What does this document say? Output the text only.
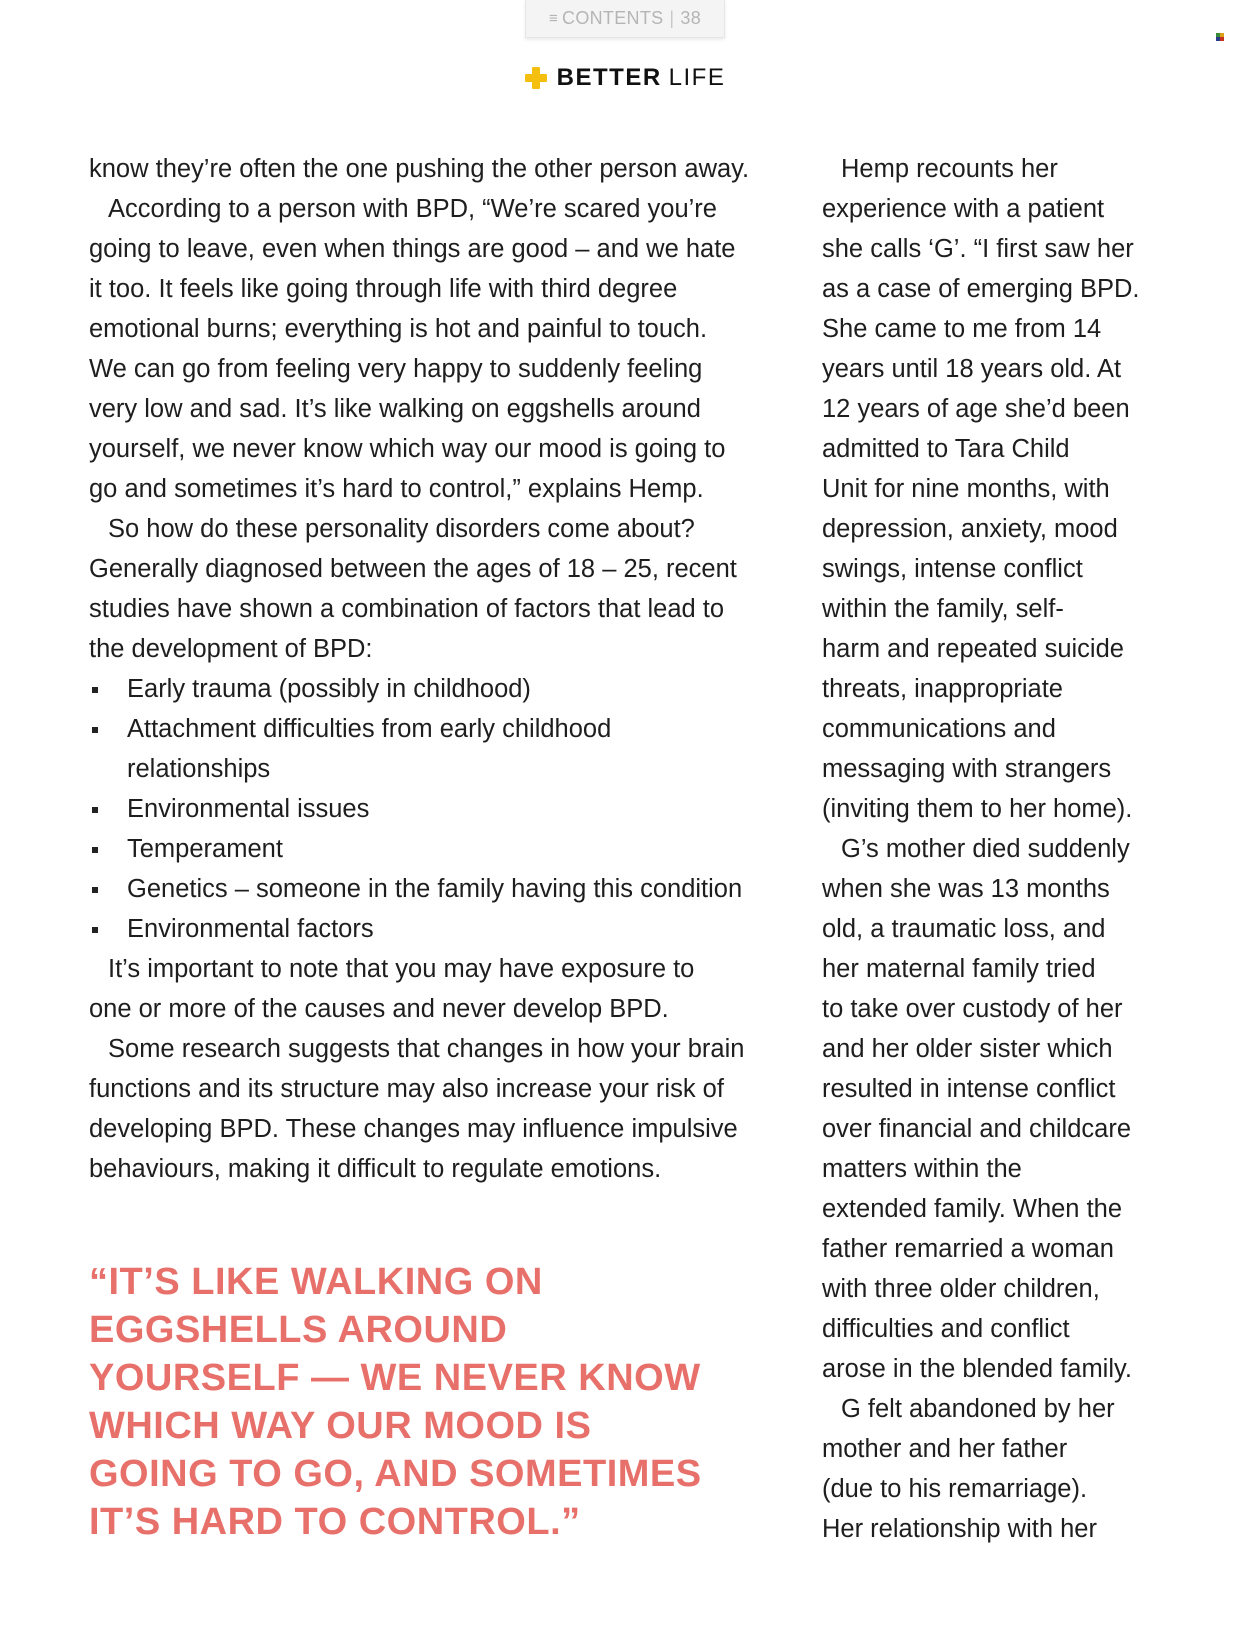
≡ CONTENTS | 38
BETTER LIFE
know they’re often the one pushing the other person away.
According to a person with BPD, “We’re scared you’re
going to leave, even when things are good – and we hate
it too. It feels like going through life with third degree
emotional burns; everything is hot and painful to touch.
We can go from feeling very happy to suddenly feeling
very low and sad. It’s like walking on eggshells around
yourself, we never know which way our mood is going to
go and sometimes it’s hard to control,” explains Hemp.
So how do these personality disorders come about?
Generally diagnosed between the ages of 18 – 25, recent
studies have shown a combination of factors that lead to
the development of BPD:
Early trauma (possibly in childhood)
Attachment difficulties from early childhood
relationships
Environmental issues
Temperament
Genetics – someone in the family having this condition
Environmental factors
It’s important to note that you may have exposure to
one or more of the causes and never develop BPD.
Some research suggests that changes in how your brain
functions and its structure may also increase your risk of
developing BPD. These changes may influence impulsive
behaviours, making it difficult to regulate emotions.
“IT’S LIKE WALKING ON
EGGSHELLS AROUND
YOURSELF — WE NEVER KNOW
WHICH WAY OUR MOOD IS
GOING TO GO, AND SOMETIMES
IT’S HARD TO CONTROL.”
Hemp recounts her
experience with a patient
she calls ‘G’. “I first saw her
as a case of emerging BPD.
She came to me from 14
years until 18 years old. At
12 years of age she’d been
admitted to Tara Child
Unit for nine months, with
depression, anxiety, mood
swings, intense conflict
within the family, self-
harm and repeated suicide
threats, inappropriate
communications and
messaging with strangers
(inviting them to her home).
G’s mother died suddenly
when she was 13 months
old, a traumatic loss, and
her maternal family tried
to take over custody of her
and her older sister which
resulted in intense conflict
over financial and childcare
matters within the
extended family. When the
father remarried a woman
with three older children,
difficulties and conflict
arose in the blended family.
G felt abandoned by her
mother and her father
(due to his remarriage).
Her relationship with her
